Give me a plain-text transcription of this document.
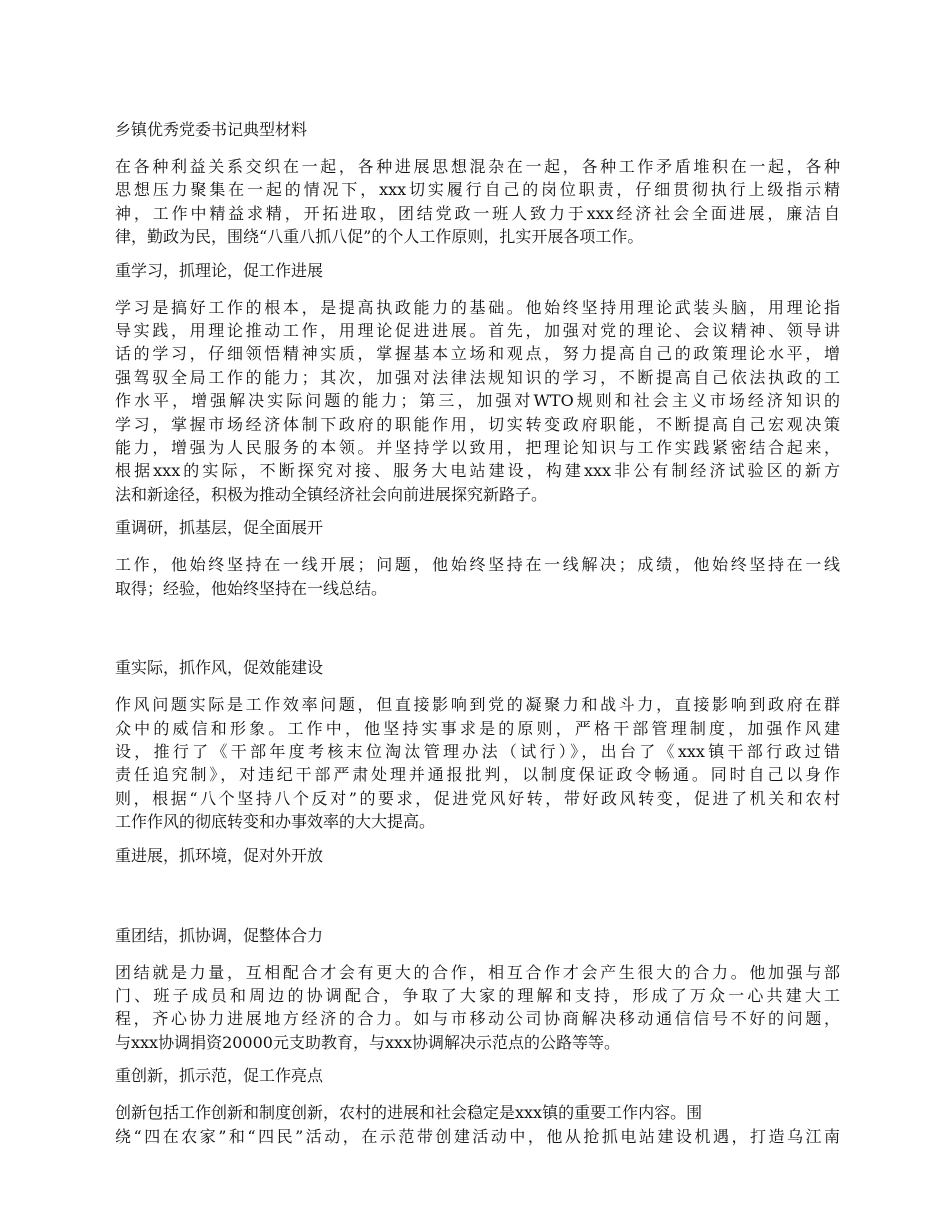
乡镇优秀党委书记典型材料

在各种利益关系交织在一起，各种进展思想混杂在一起，各种工作矛盾堆积在一起，各种
思想压力聚集在一起的情况下，xxx切实履行自己的岗位职责，仔细贯彻执行上级指示精
神，工作中精益求精，开拓进取，团结党政一班人致力于xxx经济社会全面进展，廉洁自
律，勤政为民，围绕“八重八抓八促”的个人工作原则，扎实开展各项工作。

重学习，抓理论，促工作进展

学习是搞好工作的根本，是提高执政能力的基础。他始终坚持用理论武装头脑，用理论指
导实践，用理论推动工作，用理论促进进展。首先，加强对党的理论、会议精神、领导讲
话的学习，仔细领悟精神实质，掌握基本立场和观点，努力提高自己的政策理论水平，增
强驾驭全局工作的能力；其次，加强对法律法规知识的学习，不断提高自己依法执政的工
作水平，增强解决实际问题的能力；第三，加强对WTO规则和社会主义市场经济知识的
学习，掌握市场经济体制下政府的职能作用，切实转变政府职能，不断提高自己宏观决策
能力，增强为人民服务的本领。并坚持学以致用，把理论知识与工作实践紧密结合起来，
根据xxx的实际，不断探究对接、服务大电站建设，构建xxx非公有制经济试验区的新方
法和新途径，积极为推动全镇经济社会向前进展探究新路子。

重调研，抓基层，促全面展开

工作，他始终坚持在一线开展；问题，他始终坚持在一线解决；成绩，他始终坚持在一线
取得；经验，他始终坚持在一线总结。

重实际，抓作风，促效能建设

作风问题实际是工作效率问题，但直接影响到党的凝聚力和战斗力，直接影响到政府在群
众中的威信和形象。工作中，他坚持实事求是的原则，严格干部管理制度，加强作风建
设，推行了《干部年度考核末位淘汰管理办法（试行）》，出台了《xxx镇干部行政过错
责任追究制》，对违纪干部严肃处理并通报批判，以制度保证政令畅通。同时自己以身作
则，根据“八个坚持八个反对”的要求，促进党风好转，带好政风转变，促进了机关和农村
工作作风的彻底转变和办事效率的大大提高。

重进展，抓环境，促对外开放

重团结，抓协调，促整体合力

团结就是力量，互相配合才会有更大的合作，相互合作才会产生很大的合力。他加强与部
门、班子成员和周边的协调配合，争取了大家的理解和支持，形成了万众一心共建大工
程，齐心协力进展地方经济的合力。如与市移动公司协商解决移动通信信号不好的问题，
与xxx协调捐资20000元支助教育，与xxx协调解决示范点的公路等等。

重创新，抓示范，促工作亮点

创新包括工作创新和制度创新，农村的进展和社会稳定是xxx镇的重要工作内容。围
绕“四在农家”和“四民”活动，在示范带创建活动中，他从抢抓电站建设机遇，打造乌江南
